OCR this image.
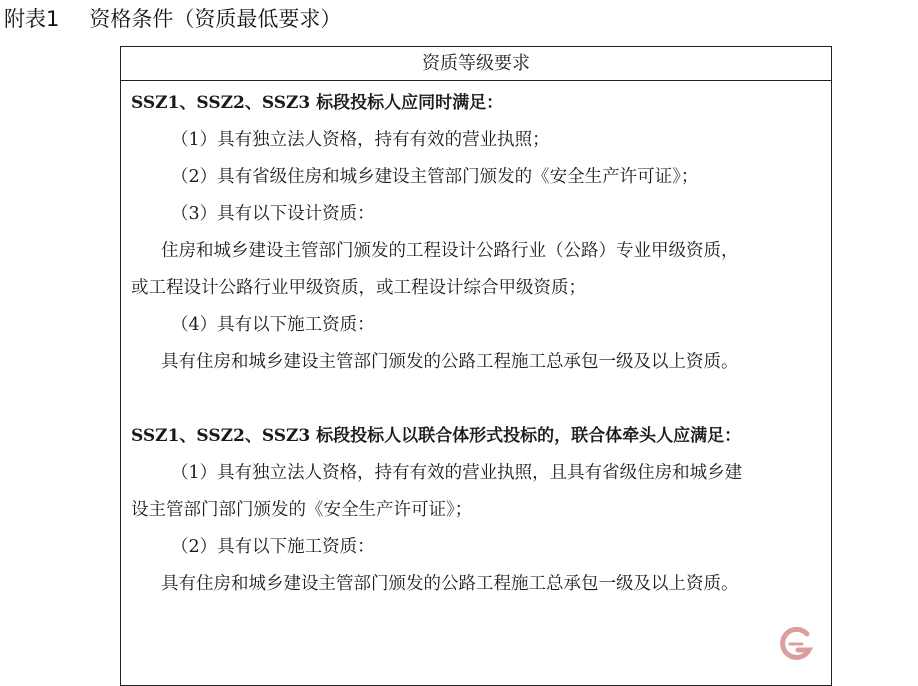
附表1 资格条件（资质最低要求）
资质等级要求
SSZ1、SSZ2、SSZ3 标段投标人应同时满足：
（1）具有独立法人资格，持有有效的营业执照；
（2）具有省级住房和城乡建设主管部门颁发的《安全生产许可证》；
（3）具有以下设计资质：
住房和城乡建设主管部门颁发的工程设计公路行业（公路）专业甲级资质，
或工程设计公路行业甲级资质，或工程设计综合甲级资质；
（4）具有以下施工资质：
具有住房和城乡建设主管部门颁发的公路工程施工总承包一级及以上资质。
SSZ1、SSZ2、SSZ3 标段投标人以联合体形式投标的，联合体牵头人应满足：
（1）具有独立法人资格，持有有效的营业执照，且具有省级住房和城乡建
设主管部门部门颁发的《安全生产许可证》；
（2）具有以下施工资质：
具有住房和城乡建设主管部门颁发的公路工程施工总承包一级及以上资质。
